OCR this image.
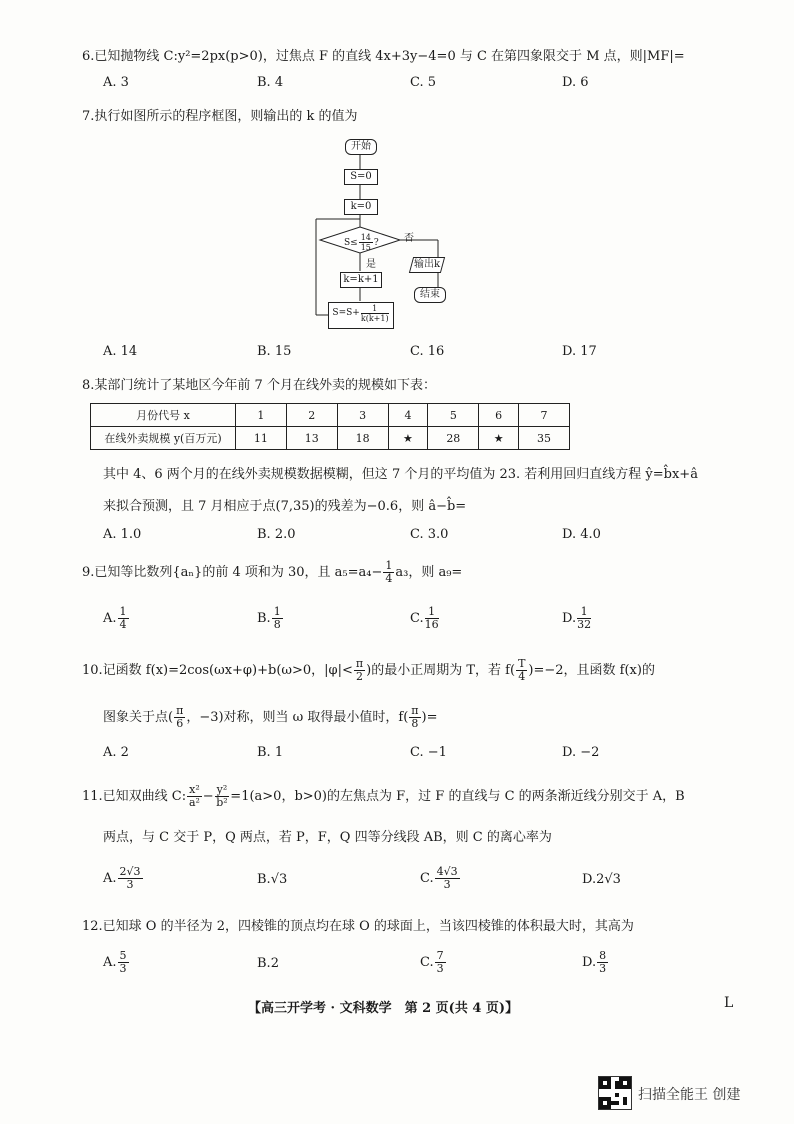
6.已知抛物线 C:y²=2px(p>0)，过焦点 F 的直线 4x+3y−4=0 与 C 在第四象限交于 M 点，则|MF|=
A. 3	B. 4	C. 5	D. 6
7.执行如图所示的程序框图，则输出的 k 的值为
开始
S=0
k=0
$S\le \frac{14}{15}$ ?	否
是
k=k+1
输出k
结束
$S=S+ \frac{1}{k(k+1)}$
A. 14	B. 15	C. 16	D. 17
8.某部门统计了某地区今年前 7 个月在线外卖的规模如下表：
月份代号 x	1	2	3	4	5	6	7
在线外卖规模 y(百万元)	11	13	18	★	28	★	35
其中 4、6 两个月的在线外卖规模数据模糊，但这 7 个月的平均值为 23. 若利用回归直线方程 ŷ=b̂x+â
来拟合预测，且 7 月相应于点(7,35)的残差为−0.6，则 â−b̂=
A. 1.0	B. 2.0	C. 3.0	D. 4.0
9.已知等比数列{aₙ}的前 4 项和为 30，且 $a_5=a_4- \frac{1}{4} a_3$，则 a₉=
A. $\frac{1}{4}$	B. $\frac{1}{8}$	C. $\frac{1}{16}$	D. $\frac{1}{32}$
10.记函数 f(x)=2cos(ωx+φ)+b(ω>0，$|\varphi|< \frac{\pi}{2}$ )的最小正周期为 T，若 $f( \frac{T}{4} )=-2$，且函数 f(x)的
图象关于点( $\frac{\pi}{6}$ ，−3)对称，则当 ω 取得最小值时，$f( \frac{\pi}{8}$ )=
A. 2	B. 1	C. −1	D. −2
11.已知双曲线 C: $\frac{\text{x²}}{\text{a²}} - \frac{\text{y²}}{\text{b²}} =1(a>0$，b>0)的左焦点为 F，过 F 的直线与 C 的两条渐近线分别交于 A，B
两点，与 C 交于 P，Q 两点，若 P，F，Q 四等分线段 AB，则 C 的离心率为
A. $\frac{2√3}{3}$	B.√3	C. $\frac{4√3}{3}$	D.2√3
12.已知球 O 的半径为 2，四棱锥的顶点均在球 O 的球面上，当该四棱锥的体积最大时，其高为
A. $\frac{5}{3}$	B.2	C. $\frac{7}{3}$	D. $\frac{8}{3}$
【高三开学考 · 文科数学　第 2 页(共 4 页)】	L
扫描全能王 创建
